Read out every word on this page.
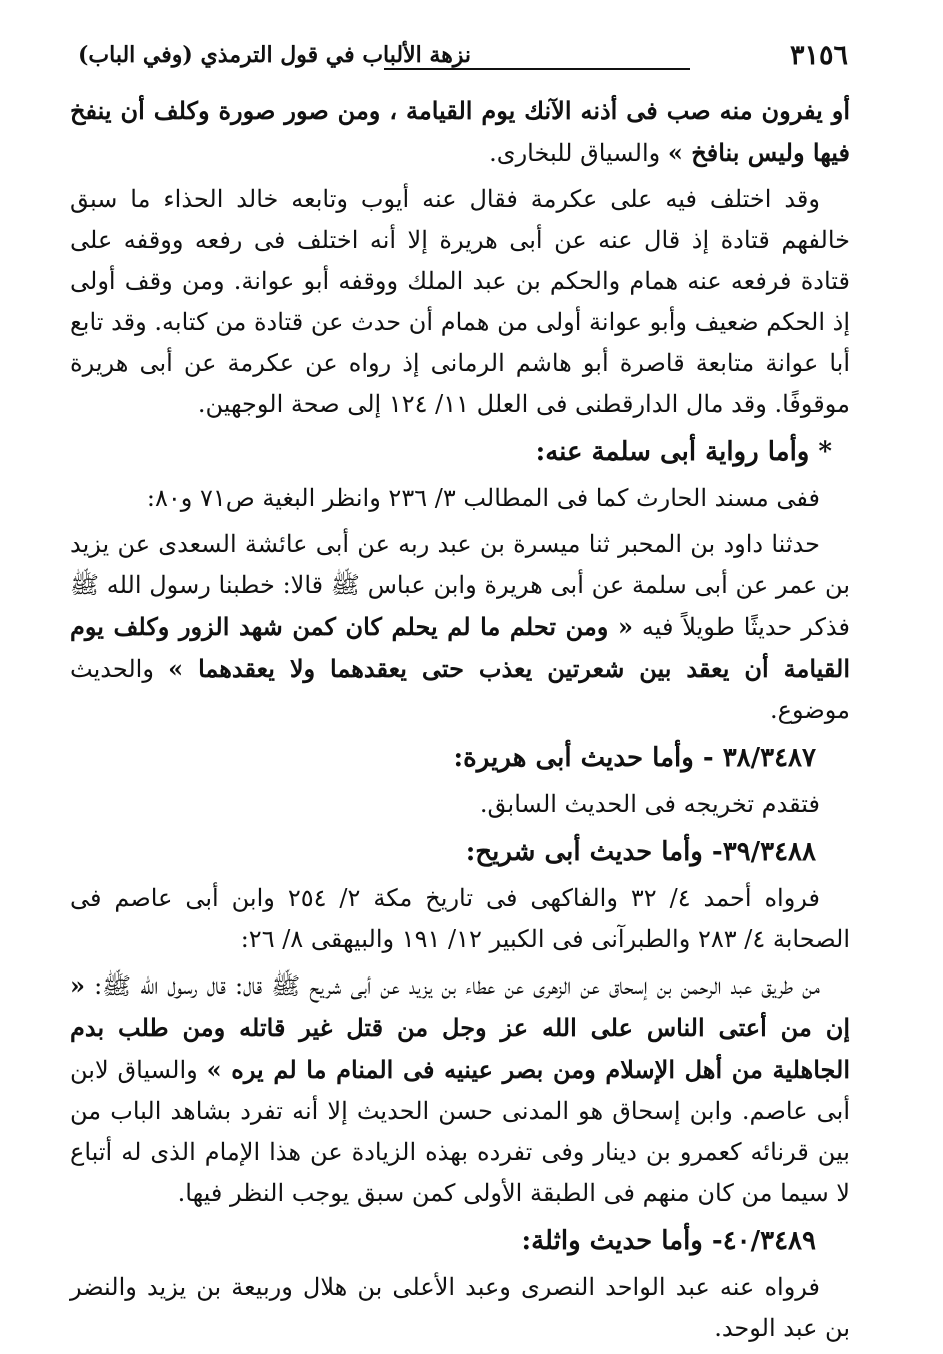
٣١٥٦
نزهة الألباب في قول الترمذي (وفي الباب)

أو يفرون منه صب فى أذنه الآنك يوم القيامة ، ومن صور صورة وكلف أن ينفخ فيها وليس بنافخ » والسياق للبخارى.

وقد اختلف فيه على عكرمة فقال عنه أيوب وتابعه خالد الحذاء ما سبق خالفهم قتادة إذ قال عنه عن أبى هريرة إلا أنه اختلف فى رفعه ووقفه على قتادة فرفعه عنه همام والحكم بن عبد الملك ووقفه أبو عوانة. ومن وقف أولى إذ الحكم ضعيف وأبو عوانة أولى من همام أن حدث عن قتادة من كتابه. وقد تابع أبا عوانة متابعة قاصرة أبو هاشم الرمانى إذ رواه عن عكرمة عن أبى هريرة موقوفًا. وقد مال الدارقطنى فى العلل ١١/ ١٢٤ إلى صحة الوجهين.

* وأما رواية أبى سلمة عنه:

ففى مسند الحارث كما فى المطالب ٣/ ٢٣٦ وانظر البغية ص٧١ و٨٠:

حدثنا داود بن المحبر ثنا ميسرة بن عبد ربه عن أبى عائشة السعدى عن يزيد بن عمر عن أبى سلمة عن أبى هريرة وابن عباس ﷺ قالا: خطبنا رسول الله ﷺ فذكر حديثًا طويلاً فيه « ومن تحلم ما لم يحلم كان كمن شهد الزور وكلف يوم القيامة أن يعقد بين شعرتين يعذب حتى يعقدهما ولا يعقدهما » والحديث موضوع.

٣٨/٣٤٨٧ - وأما حديث أبى هريرة:

فتقدم تخريجه فى الحديث السابق.

٣٩/٣٤٨٨- وأما حديث أبى شريح:

فرواه أحمد ٤/ ٣٢ والفاكهى فى تاريخ مكة ٢/ ٢٥٤ وابن أبى عاصم فى الصحابة ٤/ ٢٨٣ والطبرآنى فى الكبير ١٢/ ١٩١ والبيهقى ٨/ ٢٦:

من طريق عبد الرحمن بن إسحاق عن الزهرى عن عطاء بن يزيد عن أبى شريح ﷺ قال: قال رسول الله ﷺ: « إن من أعتى الناس على الله عز وجل من قتل غير قاتله ومن طلب بدم الجاهلية من أهل الإسلام ومن بصر عينيه فى المنام ما لم يره » والسياق لابن أبى عاصم. وابن إسحاق هو المدنى حسن الحديث إلا أنه تفرد بشاهد الباب من بين قرنائه كعمرو بن دينار وفى تفرده بهذه الزيادة عن هذا الإمام الذى له أتباع لا سيما من كان منهم فى الطبقة الأولى كمن سبق يوجب النظر فيها.

٤٠/٣٤٨٩- وأما حديث واثلة:

فرواه عنه عبد الواحد النصرى وعبد الأعلى بن هلال وربيعة بن يزيد والنضر بن عبد الوحد.
